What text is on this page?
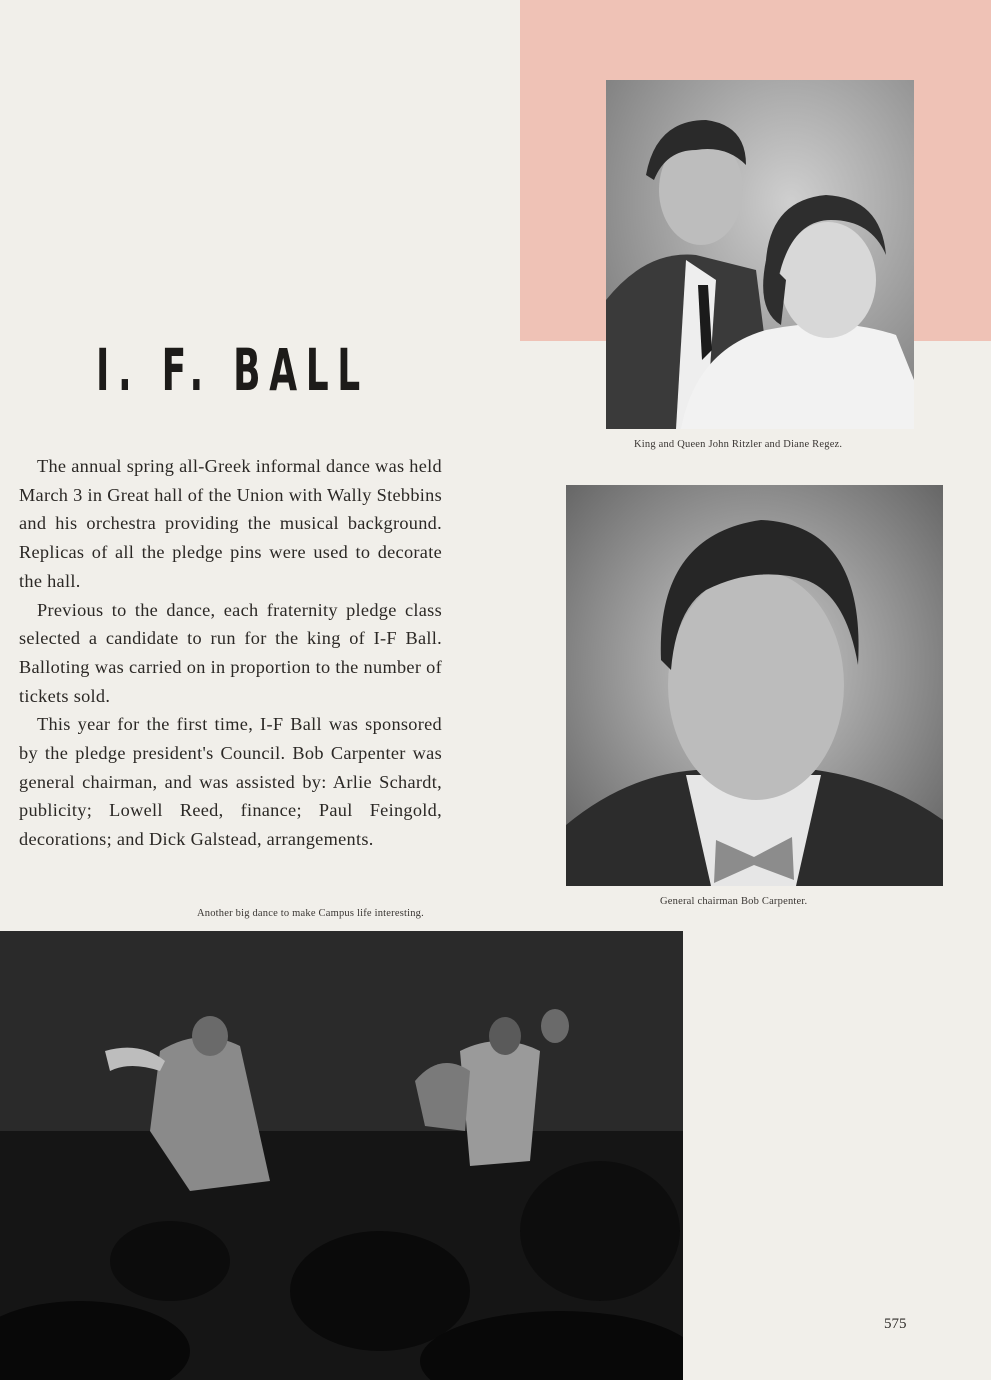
King and Queen John Ritzler and Diane Regez.
I. F. BALL

The annual spring all-Greek informal dance was held March 3 in Great hall of the Union with Wally Stebbins and his orchestra providing the musical background. Replicas of all the pledge pins were used to decorate the hall.

Previous to the dance, each fraternity pledge class selected a candidate to run for the king of I-F Ball. Balloting was carried on in proportion to the number of tickets sold.

This year for the first time, I-F Ball was sponsored by the pledge president's Council. Bob Carpenter was general chairman, and was assisted by: Arlie Schardt, publicity; Lowell Reed, finance; Paul Feingold, decorations; and Dick Galstead, arrangements.

General chairman Bob Carpenter.
Another big dance to make Campus life interesting.
575
